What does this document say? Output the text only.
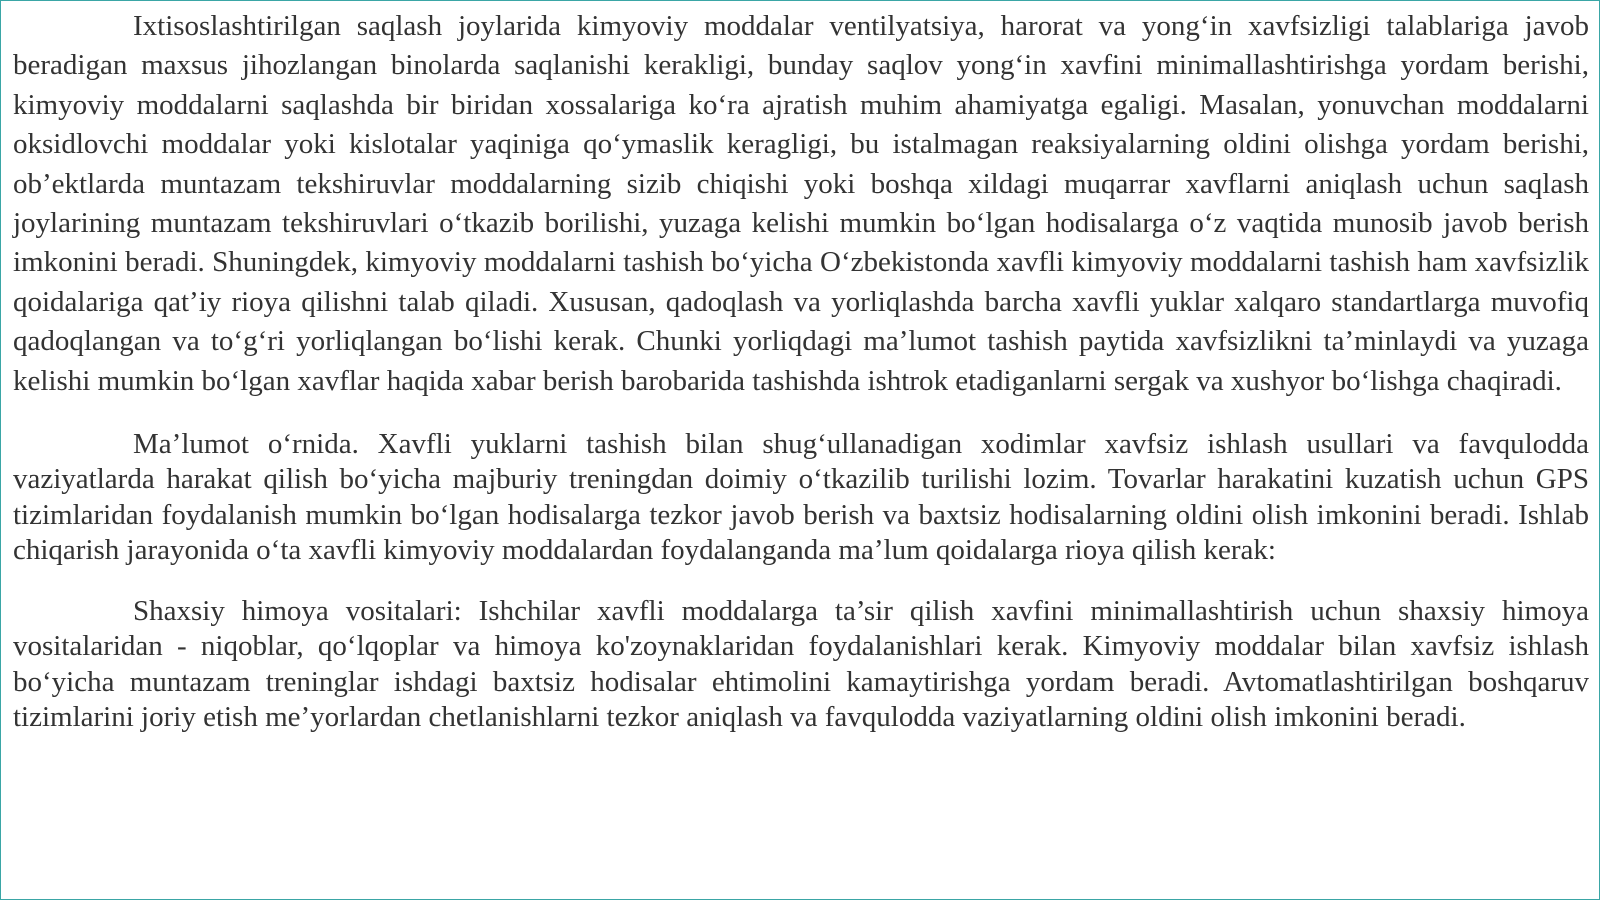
Ixtisoslashtirilgan saqlash joylarida kimyoviy moddalar ventilyatsiya, harorat va yong‘in xavfsizligi talablariga javob beradigan maxsus jihozlangan binolarda saqlanishi kerakligi, bunday saqlov yong‘in xavfini minimallashtirishga yordam berishi, kimyoviy moddalarni saqlashda bir biridan xossalariga ko‘ra ajratish muhim ahamiyatga egaligi. Masalan, yonuvchan moddalarni oksidlovchi moddalar yoki kislotalar yaqiniga qo‘ymaslik keragligi, bu istalmagan reaksiyalarning oldini olishga yordam berishi, ob’ektlarda muntazam tekshiruvlar moddalarning sizib chiqishi yoki boshqa xildagi muqarrar xavflarni aniqlash uchun saqlash joylarining muntazam tekshiruvlari o‘tkazib borilishi, yuzaga kelishi mumkin bo‘lgan hodisalarga o‘z vaqtida munosib javob berish imkonini beradi. Shuningdek, kimyoviy moddalarni tashish bo‘yicha O‘zbekistonda xavfli kimyoviy moddalarni tashish ham xavfsizlik qoidalariga qat’iy rioya qilishni talab qiladi. Xususan, qadoqlash va yorliqlashda barcha xavfli yuklar xalqaro standartlarga muvofiq qadoqlangan va to‘g‘ri yorliqlangan bo‘lishi kerak. Chunki yorliqdagi ma’lumot tashish paytida xavfsizlikni ta’minlaydi va yuzaga kelishi mumkin bo‘lgan xavflar haqida xabar berish barobarida tashishda ishtrok etadiganlarni sergak va xushyor bo‘lishga chaqiradi.

Ma’lumot o‘rnida. Xavfli yuklarni tashish bilan shug‘ullanadigan xodimlar xavfsiz ishlash usullari va favqulodda vaziyatlarda harakat qilish bo‘yicha majburiy treningdan doimiy o‘tkazilib turilishi lozim. Tovarlar harakatini kuzatish uchun GPS tizimlaridan foydalanish mumkin bo‘lgan hodisalarga tezkor javob berish va baxtsiz hodisalarning oldini olish imkonini beradi. Ishlab chiqarish jarayonida o‘ta xavfli kimyoviy moddalardan foydalanganda ma’lum qoidalarga rioya qilish kerak:

Shaxsiy himoya vositalari: Ishchilar xavfli moddalarga ta’sir qilish xavfini minimallashtirish uchun shaxsiy himoya vositalaridan - niqoblar, qo‘lqoplar va himoya ko'zoynaklaridan foydalanishlari kerak. Kimyoviy moddalar bilan xavfsiz ishlash bo‘yicha muntazam treninglar ishdagi baxtsiz hodisalar ehtimolini kamaytirishga yordam beradi. Avtomatlashtirilgan boshqaruv tizimlarini joriy etish me’yorlardan chetlanishlarni tezkor aniqlash va favqulodda vaziyatlarning oldini olish imkonini beradi.
